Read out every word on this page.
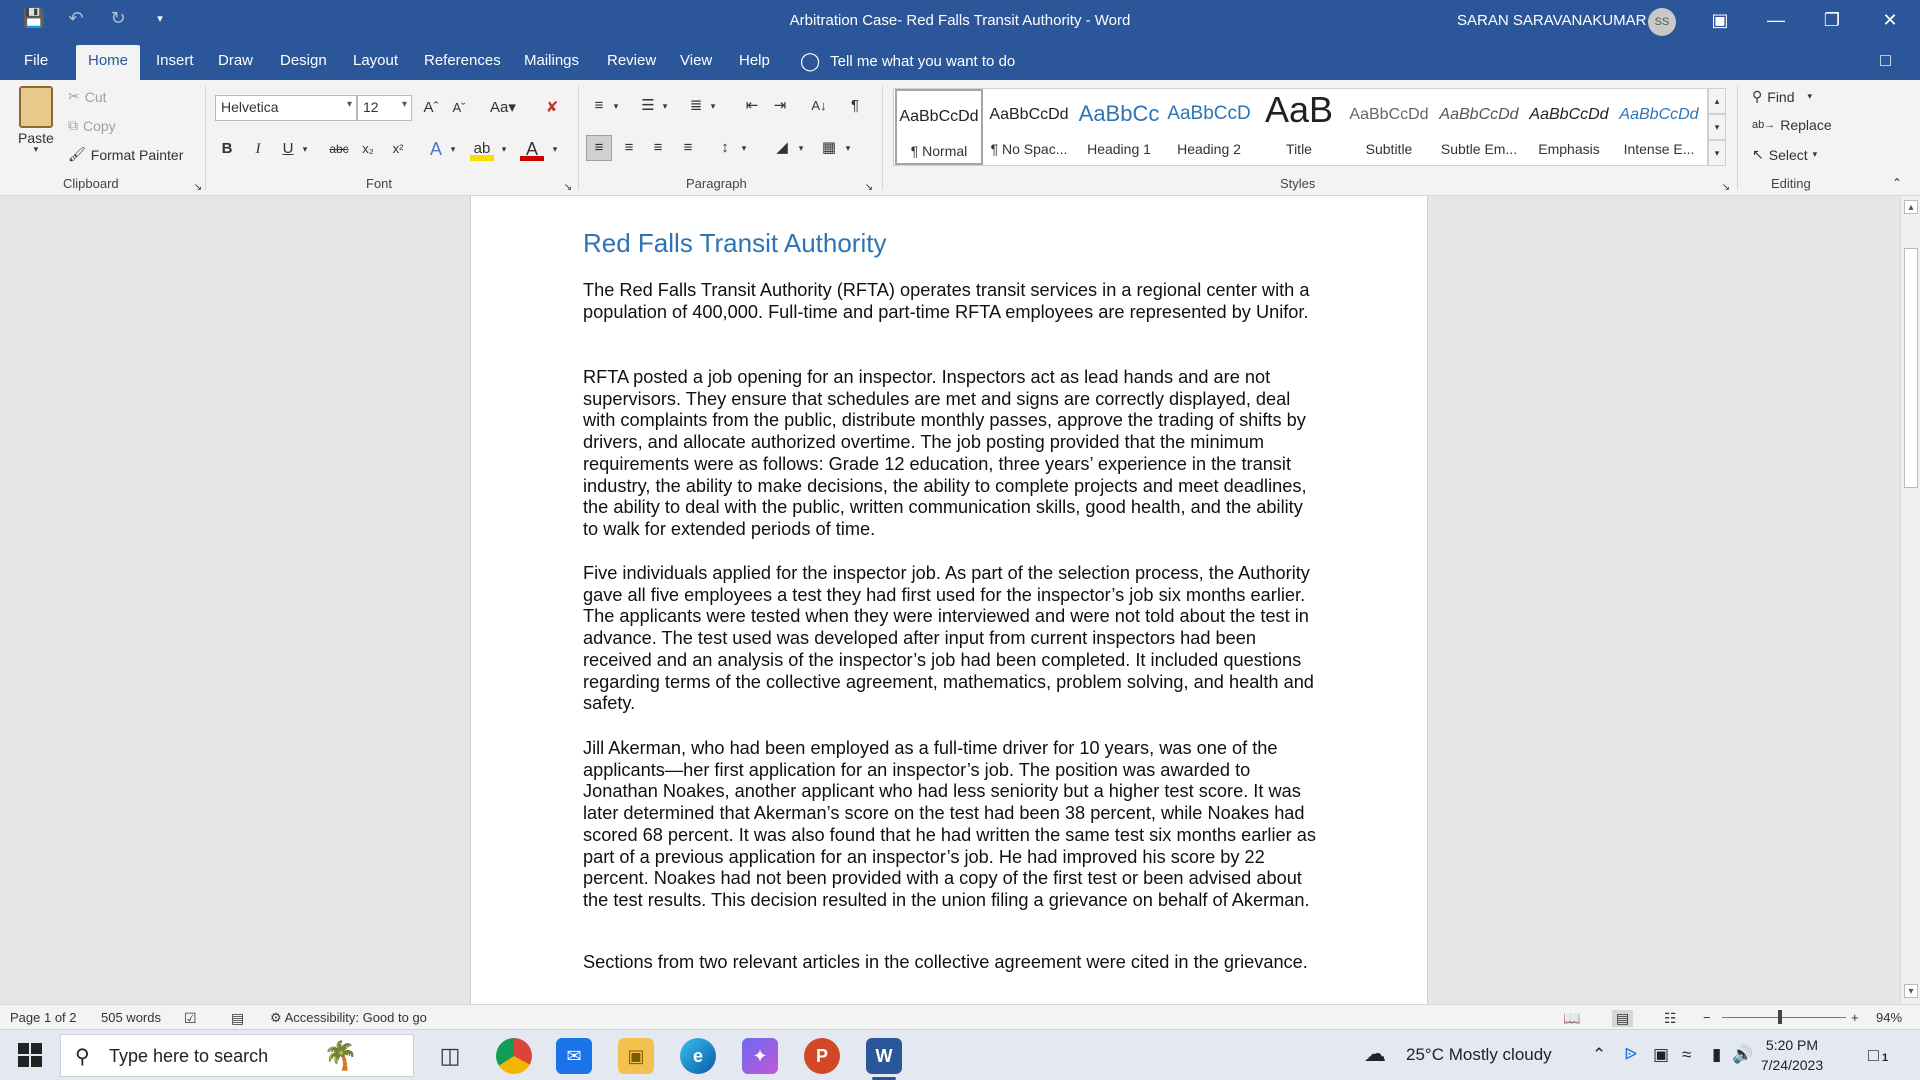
💾 ↶ ↻	▾	Arbitration Case- Red Falls Transit Authority - Word	SARAN SARAVANAKUMAR SS	▣	—	❐	✕
File	Home	Insert Draw Design Layout References Mailings Review View Help ◯ Tell me what you want to do	□
Paste
▾
✂ Cut
⧉ Copy
🖌 Format Painter
Clipboard	↘
Helvetica	▾ 12 ▾	Aˆ	Aˇ	Aa▾	✘
B	I	U	▾	abc	x₂	x²	A ▾	ab	▾	A	▾
Font	↘
≡	▾	☰ ▾	≣ ▾	⇤	⇥	A↓	¶
≡	≡	≡	≡	↕	▾	◢	▾	▦	▾
Paragraph	↘
AaBbCcDd
¶ Normal
AaBbCcDd
¶ No Spac...
AaBbCc
Heading 1
AaBbCcD
Heading 2
AaB
Title
AaBbCcDd
Subtitle
AaBbCcDd
Subtle Em...
AaBbCcDd
Emphasis
AaBbCcDd
Intense E...
▴
▾
▾
Styles	↘
⚲ Find ▾
ab→ Replace
↖ Select ▾
Editing	⌃
Red Falls Transit Authority

The Red Falls Transit Authority (RFTA) operates transit services in a regional center with a population of 400,000. Full-time and part-time RFTA employees are represented by Unifor.

RFTA posted a job opening for an inspector. Inspectors act as lead hands and are not supervisors. They ensure that schedules are met and signs are correctly displayed, deal with complaints from the public, distribute monthly passes, approve the trading of shifts by drivers, and allocate authorized overtime. The job posting provided that the minimum requirements were as follows: Grade 12 education, three years’ experience in the transit industry, the ability to make decisions, the ability to complete projects and meet deadlines, the ability to deal with the public, written communication skills, good health, and the ability to walk for extended periods of time.

Five individuals applied for the inspector job. As part of the selection process, the Authority gave all five employees a test they had first used for the inspector’s job six months earlier. The applicants were tested when they were interviewed and were not told about the test in advance. The test used was developed after input from current inspectors had been received and an analysis of the inspector’s job had been completed. It included questions regarding terms of the collective agreement, mathematics, problem solving, and health and safety.

Jill Akerman, who had been employed as a full-time driver for 10 years, was one of the applicants—her first application for an inspector’s job. The position was awarded to Jonathan Noakes, another applicant who had less seniority but a higher test score. It was later determined that Akerman’s score on the test had been 38 percent, while Noakes had scored 68 percent. It was also found that he had written the same test six months earlier as part of a previous application for an inspector’s job. He had improved his score by 22 percent. Noakes had not been provided with a copy of the first test or been advised about the test results. This decision resulted in the union filing a grievance on behalf of Akerman.

Sections from two relevant articles in the collective agreement were cited in the grievance.

▴
▾
Page 1 of 2 505 words ☑ ▤ ⚙ Accessibility: Good to go	📖	▤ ☷ −	+ 94%
⚲ Type here to search 🌴	◫	✉	▣	e	✦	P	W	☁ 25°C Mostly cloudy ⌃ ᐉ ▣ ≈ ▮ 🔊 5:20 PM
7/24/2023	□ 1
